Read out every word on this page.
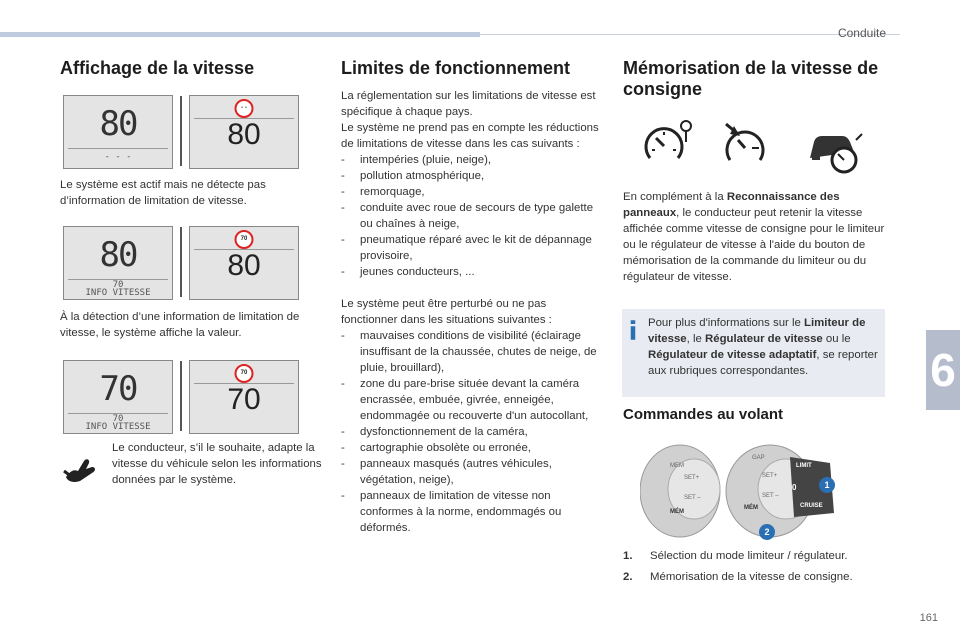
Conduite
6
161
Affichage de la vitesse
80
- - -
- -
80
Le système est actif mais ne détecte pas d’information de limitation de vitesse.
80
70
INFO VITESSE
70
80
À la détection d’une information de limitation de vitesse, le système affiche la valeur.
70
70
INFO VITESSE
70
70
Le conducteur, s’il le souhaite, adapte la vitesse du véhicule selon les informations données par le système.
Limites de fonctionnement

La réglementation sur les limitations de vitesse est spécifique à chaque pays.

Le système ne prend pas en compte les réductions de limitations de vitesse dans les cas suivants :

- intempéries (pluie, neige),

- pollution atmosphérique,

- remorquage,

- conduite avec roue de secours de type galette ou chaînes à neige,

- pneumatique réparé avec le kit de dépannage provisoire,

- jeunes conducteurs, ...

Le système peut être perturbé ou ne pas fonctionner dans les situations suivantes :

- mauvaises conditions de visibilité (éclairage insuffisant de la chaussée, chutes de neige, de pluie, brouillard),

- zone du pare-brise située devant la caméra encrassée, embuée, givrée, enneigée, endommagée ou recouverte d'un autocollant,

- dysfonctionnement de la caméra,

- cartographie obsolète ou erronée,

- panneaux masqués (autres véhicules, végétation, neige),

- panneaux de limitation de vitesse non conformes à la norme, endommagés ou déformés.

Mémorisation de la vitesse de consigne
En complément à la Reconnaissance des panneaux, le conducteur peut retenir la vitesse affichée comme vitesse de consigne pour le limiteur ou le régulateur de vitesse à l'aide du bouton de mémorisation de la commande du limiteur ou du régulateur de vitesse.
Pour plus d'informations sur le Limiteur de vitesse, le Régulateur de vitesse ou le Régulateur de vitesse adaptatif, se reporter aux rubriques correspondantes.
Commandes au volant
MEM
SET+
SET –
MÉM
GAP
SET+
SET –
MÉM
LIMIT
0
CRUISE
1
2

1. Sélection du mode limiteur / régulateur.

2. Mémorisation de la vitesse de consigne.
